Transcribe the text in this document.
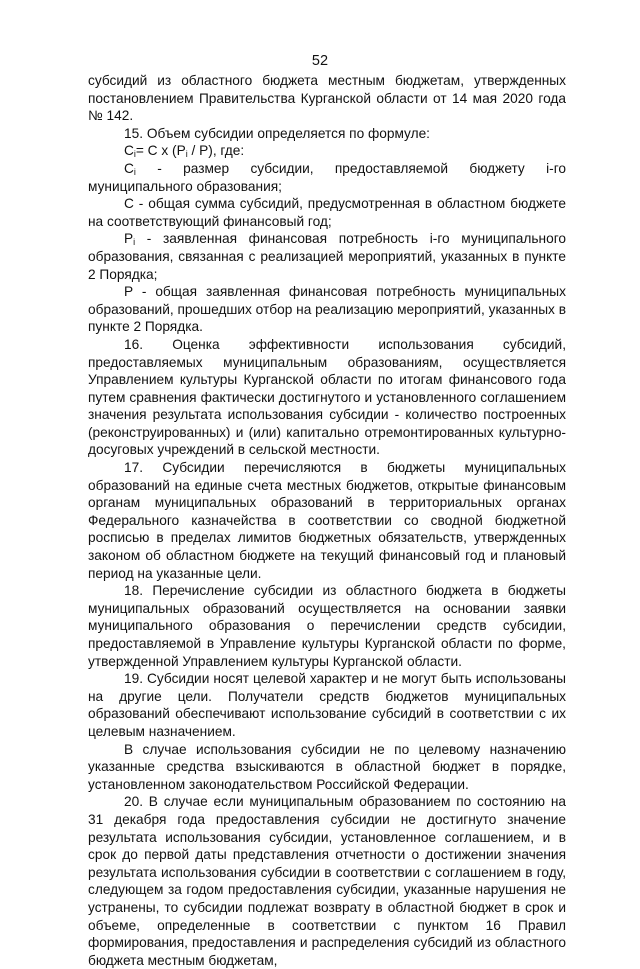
52

субсидий из областного бюджета местным бюджетам, утвержденных постановлением Правительства Курганской области от 14 мая 2020 года № 142.

15. Объем субсидии определяется по формуле:

$C_i= C$ x $(P_i / P)$, где:

$C_i$ - размер субсидии, предоставляемой бюджету i-го муниципального образования;

C - общая сумма субсидий, предусмотренная в областном бюджете на соответствующий финансовый год;

$P_i$ - заявленная финансовая потребность i-го муниципального образования, связанная с реализацией мероприятий, указанных в пункте 2 Порядка;

P - общая заявленная финансовая потребность муниципальных образований, прошедших отбор на реализацию мероприятий, указанных в пункте 2 Порядка.

16. Оценка эффективности использования субсидий, предоставляемых муниципальным образованиям, осуществляется Управлением культуры Курганской области по итогам финансового года путем сравнения фактически достигнутого и установленного соглашением значения результата использования субсидии - количество построенных (реконструированных) и (или) капитально отремонтированных культурно-досуговых учреждений в сельской местности.

17. Субсидии перечисляются в бюджеты муниципальных образований на единые счета местных бюджетов, открытые финансовым органам муниципальных образований в территориальных органах Федерального казначейства в соответствии со сводной бюджетной росписью в пределах лимитов бюджетных обязательств, утвержденных законом об областном бюджете на текущий финансовый год и плановый период на указанные цели.

18. Перечисление субсидии из областного бюджета в бюджеты муниципальных образований осуществляется на основании заявки муниципального образования о перечислении средств субсидии, предоставляемой в Управление культуры Курганской области по форме, утвержденной Управлением культуры Курганской области.

19. Субсидии носят целевой характер и не могут быть использованы на другие цели. Получатели средств бюджетов муниципальных образований обеспечивают использование субсидий в соответствии с их целевым назначением.

В случае использования субсидии не по целевому назначению указанные средства взыскиваются в областной бюджет в порядке, установленном законодательством Российской Федерации.

20. В случае если муниципальным образованием по состоянию на 31 декабря года предоставления субсидии не достигнуто значение результата использования субсидии, установленное соглашением, и в срок до первой даты представления отчетности о достижении значения результата использования субсидии в соответствии с соглашением в году, следующем за годом предоставления субсидии, указанные нарушения не устранены, то субсидии подлежат возврату в областной бюджет в срок и объеме, определенные в соответствии с пунктом 16 Правил формирования, предоставления и распределения субсидий из областного бюджета местным бюджетам,
